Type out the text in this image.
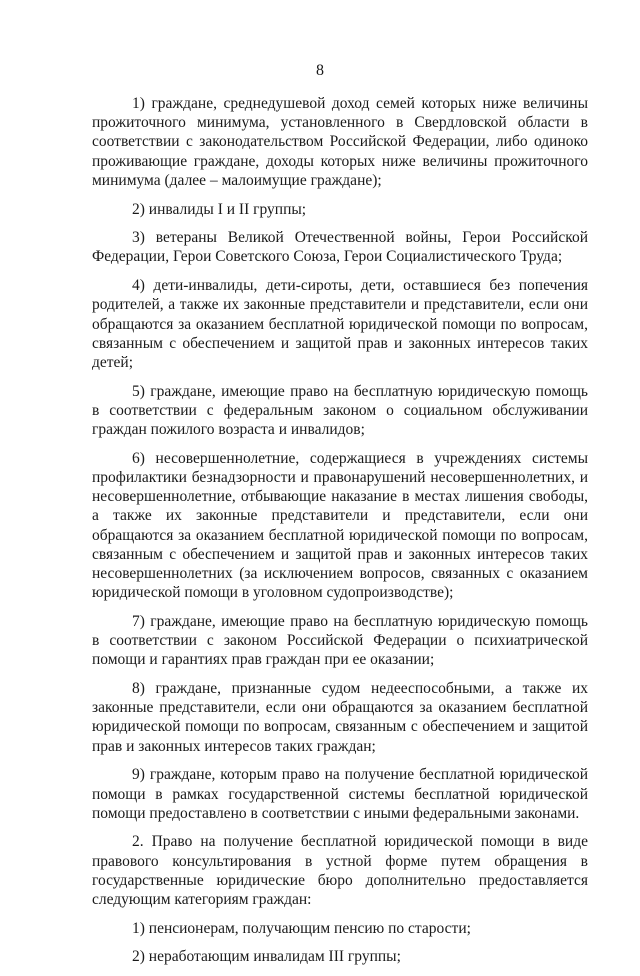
8

1) граждане, среднедушевой доход семей которых ниже величины прожиточного минимума, установленного в Свердловской области в соответствии с законодательством Российской Федерации, либо одиноко проживающие граждане, доходы которых ниже величины прожиточного минимума (далее – малоимущие граждане);

2) инвалиды I и II группы;

3) ветераны Великой Отечественной войны, Герои Российской Федерации, Герои Советского Союза, Герои Социалистического Труда;

4) дети-инвалиды, дети-сироты, дети, оставшиеся без попечения родителей, а также их законные представители и представители, если они обращаются за оказанием бесплатной юридической помощи по вопросам, связанным с обеспечением и защитой прав и законных интересов таких детей;

5) граждане, имеющие право на бесплатную юридическую помощь в соответствии с федеральным законом о социальном обслуживании граждан пожилого возраста и инвалидов;

6) несовершеннолетние, содержащиеся в учреждениях системы профилактики безнадзорности и правонарушений несовершеннолетних, и несовершеннолетние, отбывающие наказание в местах лишения свободы, а также их законные представители и представители, если они обращаются за оказанием бесплатной юридической помощи по вопросам, связанным с обеспечением и защитой прав и законных интересов таких несовершеннолетних (за исключением вопросов, связанных с оказанием юридической помощи в уголовном судопроизводстве);

7) граждане, имеющие право на бесплатную юридическую помощь в соответствии с законом Российской Федерации о психиатрической помощи и гарантиях прав граждан при ее оказании;

8) граждане, признанные судом недееспособными, а также их законные представители, если они обращаются за оказанием бесплатной юридической помощи по вопросам, связанным с обеспечением и защитой прав и законных интересов таких граждан;

9) граждане, которым право на получение бесплатной юридической помощи в рамках государственной системы бесплатной юридической помощи предоставлено в соответствии с иными федеральными законами.

2. Право на получение бесплатной юридической помощи в виде правового консультирования в устной форме путем обращения в государственные юридические бюро дополнительно предоставляется следующим категориям граждан:

1) пенсионерам, получающим пенсию по старости;

2) неработающим инвалидам III группы;
